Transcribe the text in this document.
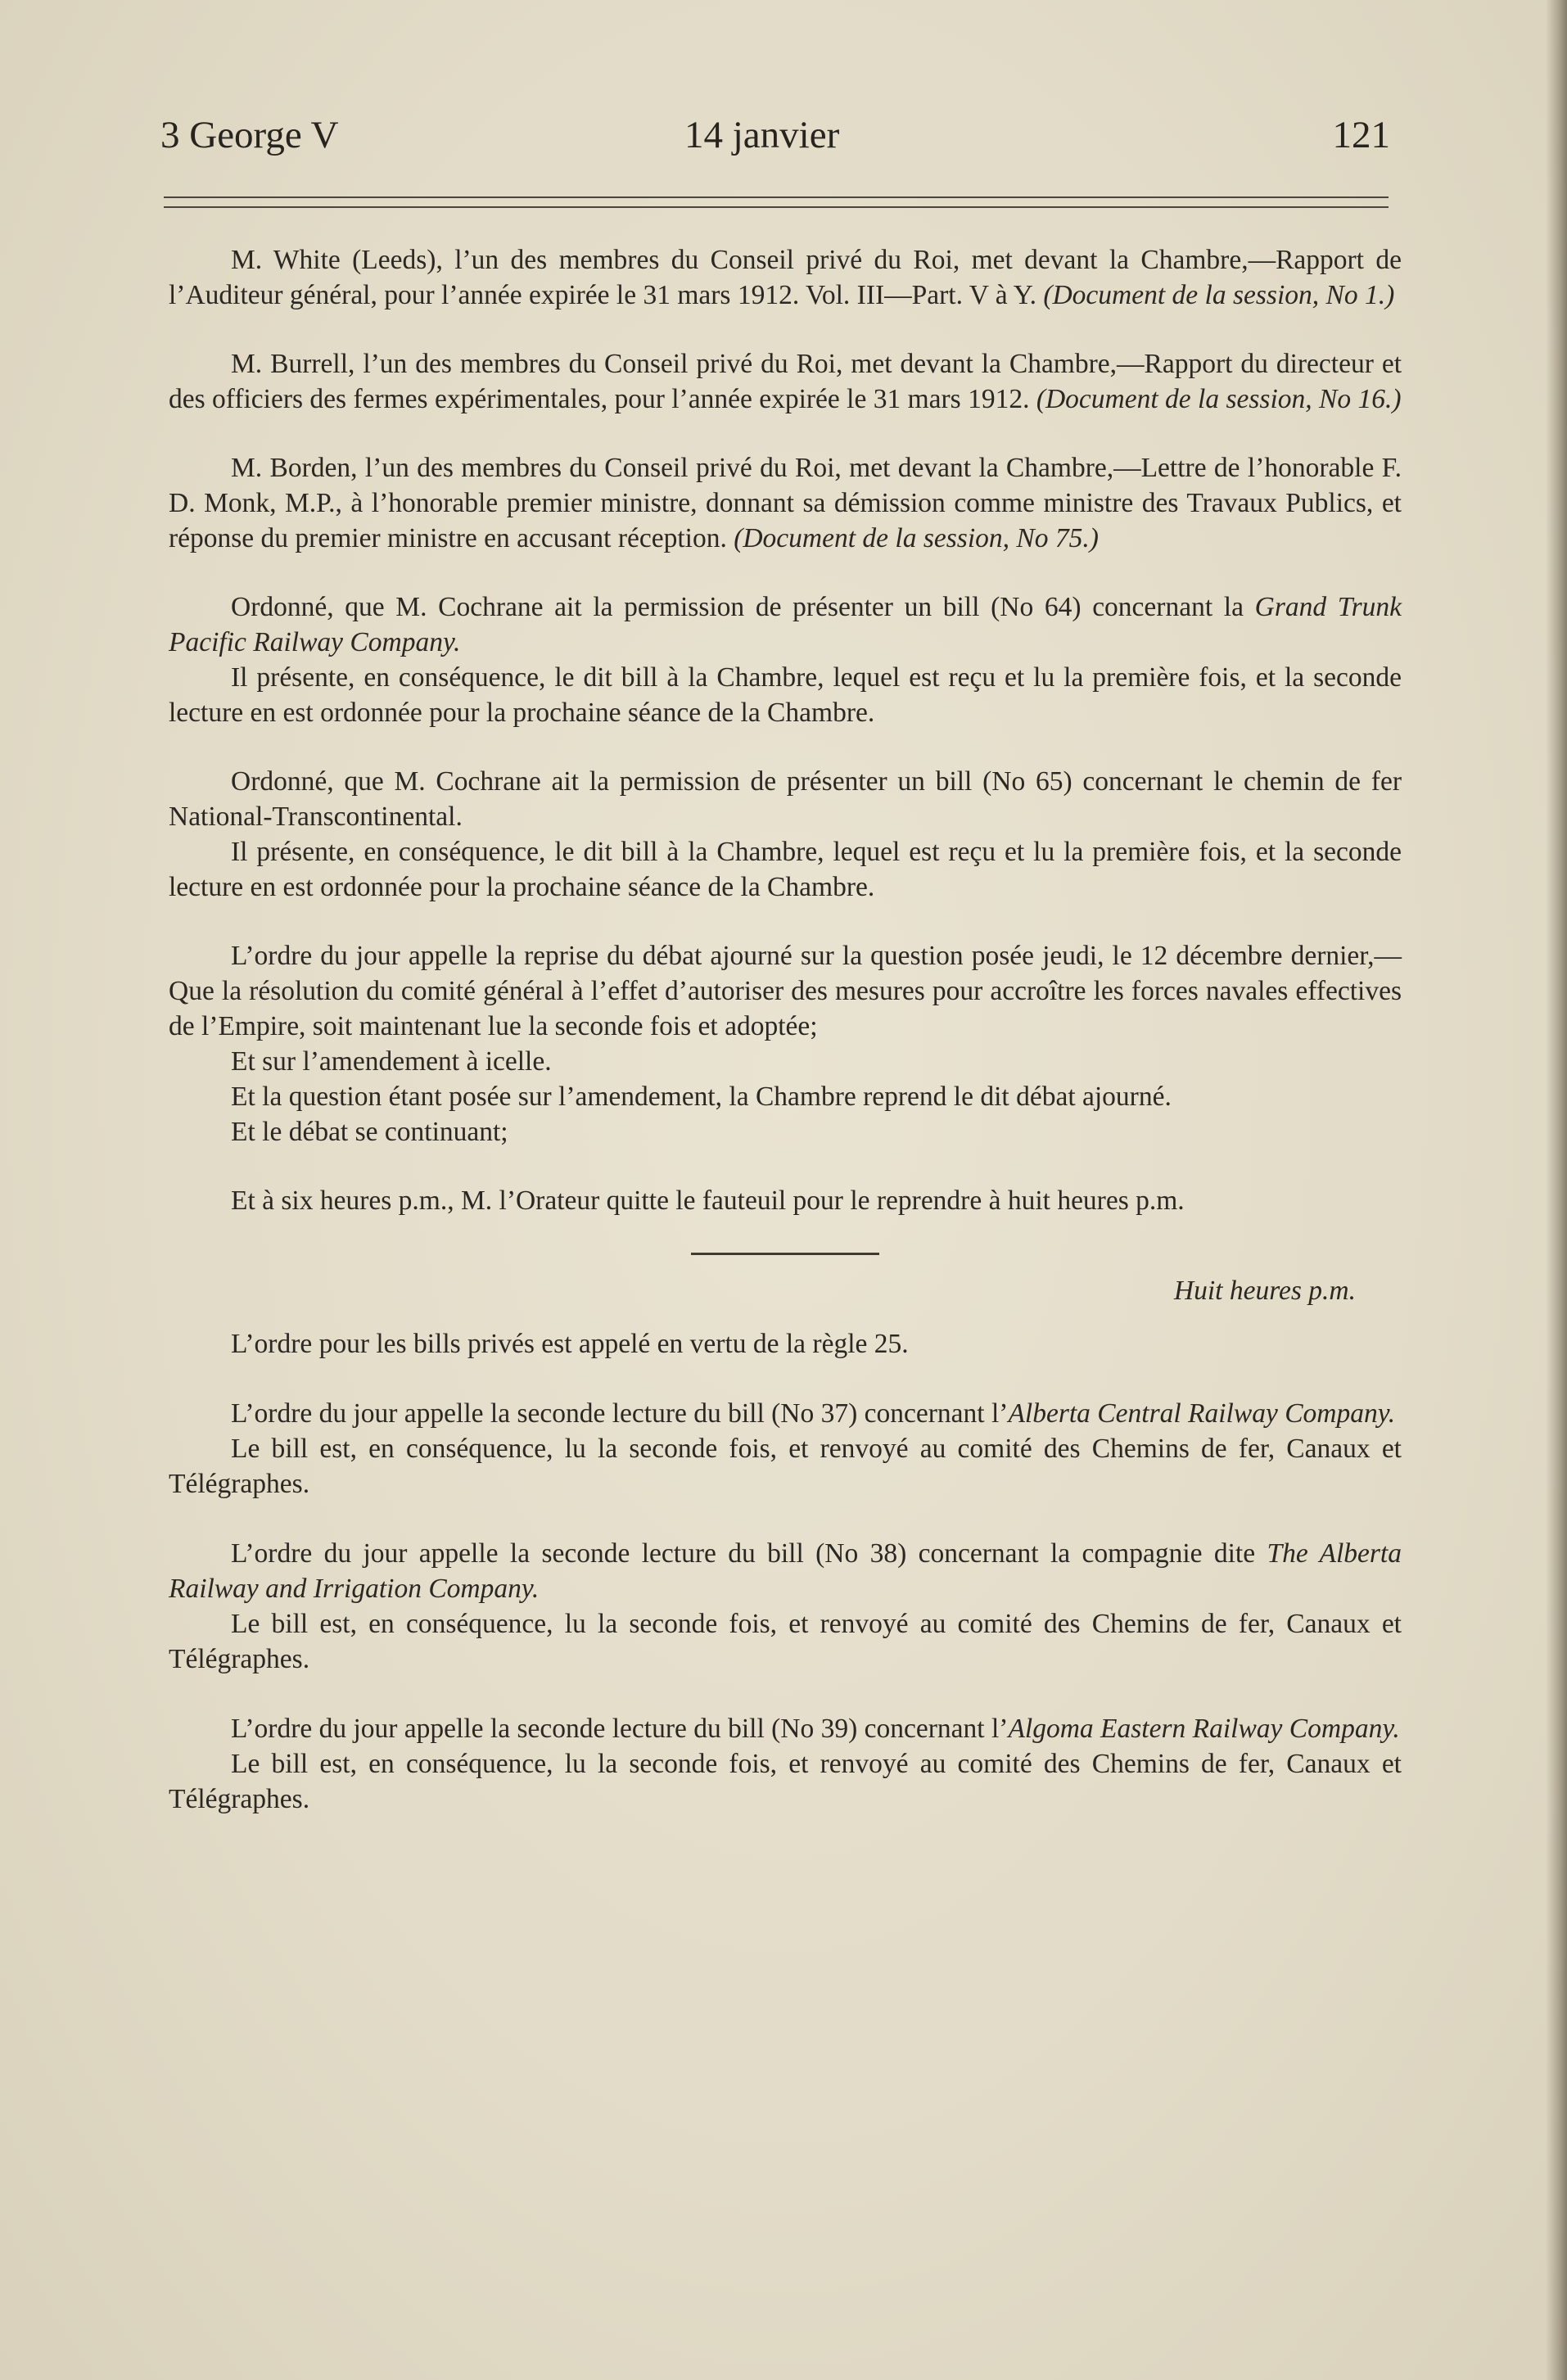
3 George V	14 janvier	121

M. White (Leeds), l’un des membres du Conseil privé du Roi, met devant la Chambre,—Rapport de l’Auditeur général, pour l’année expirée le 31 mars 1912. Vol. III—Part. V à Y. (Document de la session, No 1.)

M. Burrell, l’un des membres du Conseil privé du Roi, met devant la Chambre,—Rapport du directeur et des officiers des fermes expérimentales, pour l’année expirée le 31 mars 1912. (Document de la session, No 16.)

M. Borden, l’un des membres du Conseil privé du Roi, met devant la Chambre,—Lettre de l’honorable F. D. Monk, M.P., à l’honorable premier ministre, donnant sa démission comme ministre des Travaux Publics, et réponse du premier ministre en accusant réception. (Document de la session, No 75.)

Ordonné, que M. Cochrane ait la permission de présenter un bill (No 64) concernant la Grand Trunk Pacific Railway Company.

Il présente, en conséquence, le dit bill à la Chambre, lequel est reçu et lu la première fois, et la seconde lecture en est ordonnée pour la prochaine séance de la Chambre.

Ordonné, que M. Cochrane ait la permission de présenter un bill (No 65) concernant le chemin de fer National-Transcontinental.

Il présente, en conséquence, le dit bill à la Chambre, lequel est reçu et lu la première fois, et la seconde lecture en est ordonnée pour la prochaine séance de la Chambre.

L’ordre du jour appelle la reprise du débat ajourné sur la question posée jeudi, le 12 décembre dernier,—Que la résolution du comité général à l’effet d’autoriser des mesures pour accroître les forces navales effectives de l’Empire, soit maintenant lue la seconde fois et adoptée;

Et sur l’amendement à icelle.

Et la question étant posée sur l’amendement, la Chambre reprend le dit débat ajourné.

Et le débat se continuant;

Et à six heures p.m., M. l’Orateur quitte le fauteuil pour le reprendre à huit heures p.m.

Huit heures p.m.

L’ordre pour les bills privés est appelé en vertu de la règle 25.

L’ordre du jour appelle la seconde lecture du bill (No 37) concernant l’Alberta Central Railway Company.

Le bill est, en conséquence, lu la seconde fois, et renvoyé au comité des Chemins de fer, Canaux et Télégraphes.

L’ordre du jour appelle la seconde lecture du bill (No 38) concernant la compagnie dite The Alberta Railway and Irrigation Company.

Le bill est, en conséquence, lu la seconde fois, et renvoyé au comité des Chemins de fer, Canaux et Télégraphes.

L’ordre du jour appelle la seconde lecture du bill (No 39) concernant l’Algoma Eastern Railway Company.

Le bill est, en conséquence, lu la seconde fois, et renvoyé au comité des Chemins de fer, Canaux et Télégraphes.
